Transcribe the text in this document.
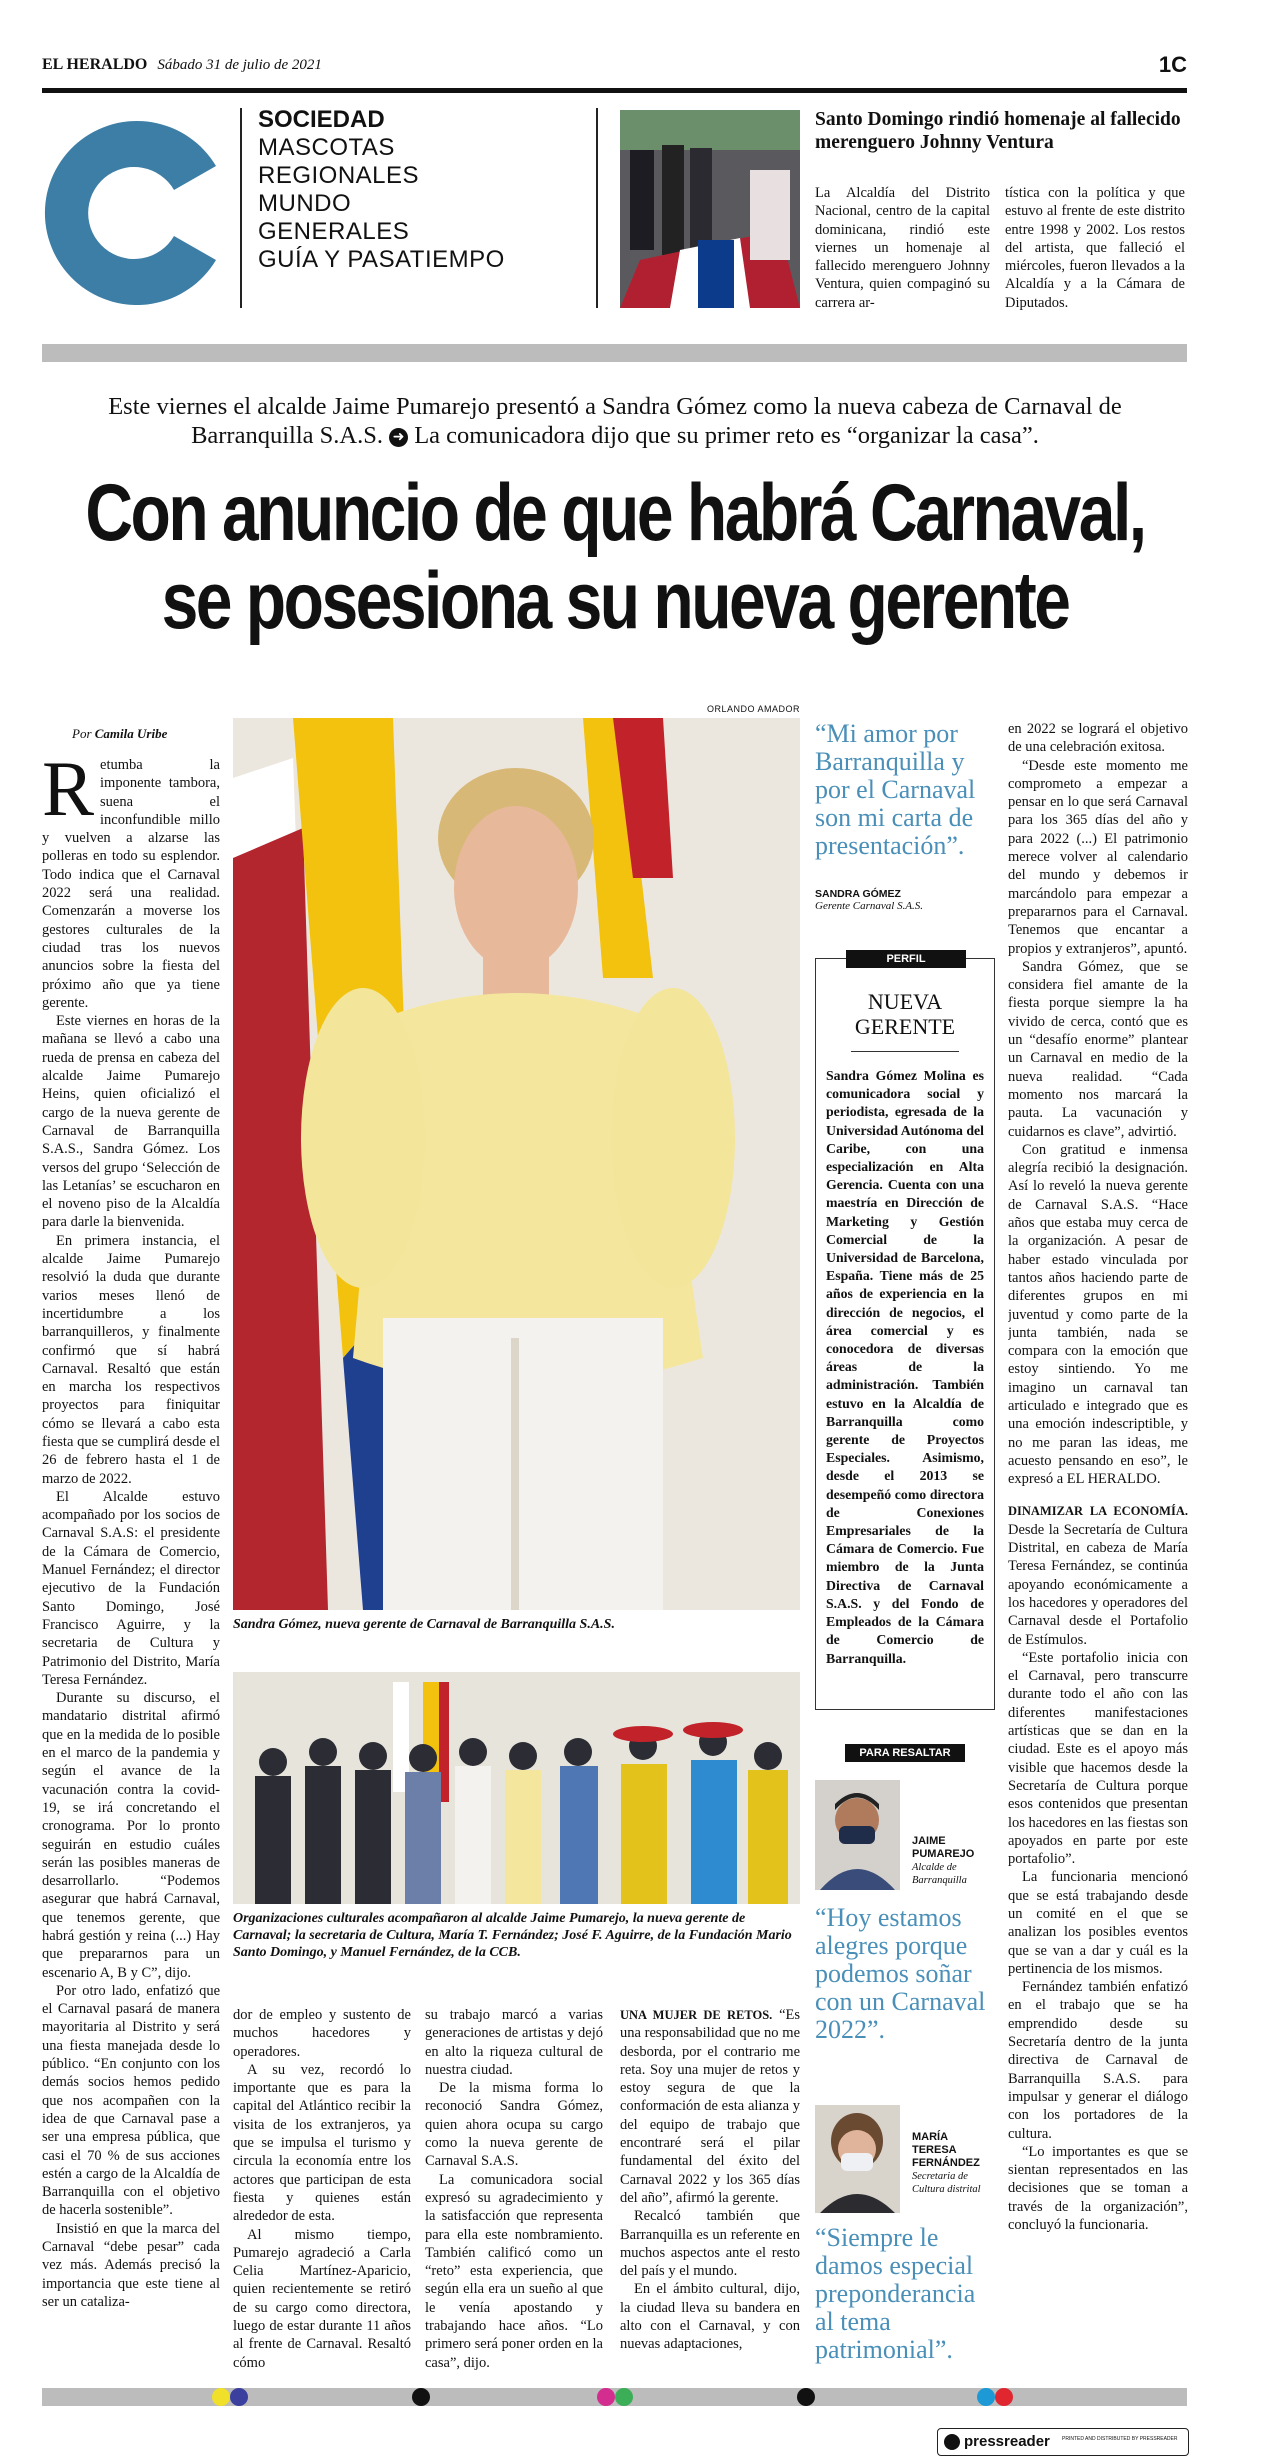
EL HERALDO Sábado 31 de julio de 2021	1C
SOCIEDAD
MASCOTAS
REGIONALES
MUNDO
GENERALES
GUÍA Y PASATIEMPO
Santo Domingo rindió homenaje al fallecido merenguero Johnny Ventura
La Alcaldía del Distrito Nacional, centro de la capital dominicana, rindió este viernes un homenaje al fallecido merenguero Johnny Ventura, quien compaginó su carrera ar-
tística con la política y que estuvo al frente de este distrito entre 1998 y 2002. Los restos del artista, que falleció el miércoles, fueron llevados a la Alcaldía y a la Cámara de Diputados.
Este viernes el alcalde Jaime Pumarejo presentó a Sandra Gómez como la nueva cabeza de Carnaval de Barranquilla S.A.S. ➜ La comunicadora dijo que su primer reto es “organizar la casa”.
Con anuncio de que habrá Carnaval,
se posesiona su nueva gerente
ORLANDO AMADOR
Por Camila Uribe

Retumba la imponente tambora, suena el inconfundible millo y vuelven a alzarse las polleras en todo su esplendor. Todo indica que el Carnaval 2022 será una realidad. Comenzarán a moverse los gestores culturales de la ciudad tras los nuevos anuncios sobre la fiesta del próximo año que ya tiene gerente.

Este viernes en horas de la mañana se llevó a cabo una rueda de prensa en cabeza del alcalde Jaime Pumarejo Heins, quien oficializó el cargo de la nueva gerente de Carnaval de Barranquilla S.A.S., Sandra Gómez. Los versos del grupo ‘Selección de las Letanías’ se escucharon en el noveno piso de la Alcaldía para darle la bienvenida.

En primera instancia, el alcalde Jaime Pumarejo resolvió la duda que durante varios meses llenó de incertidumbre a los barranquilleros, y finalmente confirmó que sí habrá Carnaval. Resaltó que están en marcha los respectivos proyectos para finiquitar cómo se llevará a cabo esta fiesta que se cumplirá desde el 26 de febrero hasta el 1 de marzo de 2022.

El Alcalde estuvo acompañado por los socios de Carnaval S.A.S: el presidente de la Cámara de Comercio, Manuel Fernández; el director ejecutivo de la Fundación Santo Domingo, José Francisco Aguirre, y la secretaria de Cultura y Patrimonio del Distrito, María Teresa Fernández.

Durante su discurso, el mandatario distrital afirmó que en la medida de lo posible en el marco de la pandemia y según el avance de la vacunación contra la covid-19, se irá concretando el cronograma. Por lo pronto seguirán en estudio cuáles serán las posibles maneras de desarrollarlo. “Podemos asegurar que habrá Carnaval, que tenemos gerente, que habrá gestión y reina (...) Hay que prepararnos para un escenario A, B y C”, dijo.

Por otro lado, enfatizó que el Carnaval pasará de manera mayoritaria al Distrito y será una fiesta manejada desde lo público. “En conjunto con los demás socios hemos pedido que nos acompañen con la idea de que Carnaval pase a ser una empresa pública, que casi el 70 % de sus acciones estén a cargo de la Alcaldía de Barranquilla con el objetivo de hacerla sostenible”.

Insistió en que la marca del Carnaval “debe pesar” cada vez más. Además precisó la importancia que este tiene al ser un cataliza-

Sandra Gómez, nueva gerente de Carnaval de Barranquilla S.A.S.
Organizaciones culturales acompañaron al alcalde Jaime Pumarejo, la nueva gerente de Carnaval; la secretaria de Cultura, María T. Fernández; José F. Aguirre, de la Fundación Mario Santo Domingo, y Manuel Fernández, de la CCB.

dor de empleo y sustento de muchos hacedores y operadores.

A su vez, recordó lo importante que es para la capital del Atlántico recibir la visita de los extranjeros, ya que se impulsa el turismo y circula la economía entre los actores que participan de esta fiesta y quienes están alrededor de esta.

Al mismo tiempo, Pumarejo agradeció a Carla Celia Martínez-Aparicio, quien recientemente se retiró de su cargo como directora, luego de estar durante 11 años al frente de Carnaval. Resaltó cómo

su trabajo marcó a varias generaciones de artistas y dejó en alto la riqueza cultural de nuestra ciudad.

De la misma forma lo reconoció Sandra Gómez, quien ahora ocupa su cargo como la nueva gerente de Carnaval S.A.S.

La comunicadora social expresó su agradecimiento y la satisfacción que representa para ella este nombramiento. También calificó como un “reto” esta experiencia, que según ella era un sueño al que le venía apostando y trabajando hace años. “Lo primero será poner orden en la casa”, dijo.

UNA MUJER DE RETOS. “Es una responsabilidad que no me desborda, por el contrario me reta. Soy una mujer de retos y estoy segura de que la conformación de esta alianza y del equipo de trabajo que encontraré será el pilar fundamental del éxito del Carnaval 2022 y los 365 días del año”, afirmó la gerente.

Recalcó también que Barranquilla es un referente en muchos aspectos ante el resto del país y el mundo.

En el ámbito cultural, dijo, la ciudad lleva su bandera en alto con el Carnaval, y con nuevas adaptaciones,

“Mi amor por Barranquilla y por el Carnaval son mi carta de presentación”.
SANDRA GÓMEZ
Gerente Carnaval S.A.S.
PERFIL
NUEVA
GERENTE
Sandra Gómez Molina es comunicadora social y periodista, egresada de la Universidad Autónoma del Caribe, con una especialización en Alta Gerencia. Cuenta con una maestría en Dirección de Marketing y Gestión Comercial de la Universidad de Barcelona, España. Tiene más de 25 años de experiencia en la dirección de negocios, el área comercial y es conocedora de diversas áreas de la administración. También estuvo en la Alcaldía de Barranquilla como gerente de Proyectos Especiales. Asimismo, desde el 2013 se desempeñó como directora de Conexiones Empresariales de la Cámara de Comercio. Fue miembro de la Junta Directiva de Carnaval S.A.S. y del Fondo de Empleados de la Cámara de Comercio de Barranquilla.
PARA RESALTAR
JAIME
PUMAREJO
Alcalde de Barranquilla
“Hoy estamos alegres porque podemos soñar con un Carnaval 2022”.
MARÍA
TERESA
FERNÁNDEZ
Secretaria de Cultura distrital
“Siempre le damos especial preponderancia al tema patrimonial”.

en 2022 se logrará el objetivo de una celebración exitosa.

“Desde este momento me comprometo a empezar a pensar en lo que será Carnaval para los 365 días del año y para 2022 (...) El patrimonio merece volver al calendario del mundo y debemos ir marcándolo para empezar a prepararnos para el Carnaval. Tenemos que encantar a propios y extranjeros”, apuntó.

Sandra Gómez, que se considera fiel amante de la fiesta porque siempre la ha vivido de cerca, contó que es un “desafío enorme” plantear un Carnaval en medio de la nueva realidad. “Cada momento nos marcará la pauta. La vacunación y cuidarnos es clave”, advirtió.

Con gratitud e inmensa alegría recibió la designación. Así lo reveló la nueva gerente de Carnaval S.A.S. “Hace años que estaba muy cerca de la organización. A pesar de haber estado vinculada por tantos años haciendo parte de diferentes grupos en mi juventud y como parte de la junta también, nada se compara con la emoción que estoy sintiendo. Yo me imagino un carnaval tan articulado e integrado que es una emoción indescriptible, y no me paran las ideas, me acuesto pensando en eso”, le expresó a EL HERALDO.

DINAMIZAR LA ECONOMÍA. Desde la Secretaría de Cultura Distrital, en cabeza de María Teresa Fernández, se continúa apoyando económicamente a los hacedores y operadores del Carnaval desde el Portafolio de Estímulos.

“Este portafolio inicia con el Carnaval, pero transcurre durante todo el año con las diferentes manifestaciones artísticas que se dan en la ciudad. Este es el apoyo más visible que hacemos desde la Secretaría de Cultura porque esos contenidos que presentan los hacedores en las fiestas son apoyados en parte por este portafolio”.

La funcionaria mencionó que se está trabajando desde un comité en el que se analizan los posibles eventos que se van a dar y cuál es la pertinencia de los mismos.

Fernández también enfatizó en el trabajo que se ha emprendido desde su Secretaría dentro de la junta directiva de Carnaval de Barranquilla S.A.S. para impulsar y generar el diálogo con los portadores de la cultura.

“Lo importantes es que se sientan representados en las decisiones que se toman a través de la organización”, concluyó la funcionaria.

pressreader PRINTED AND DISTRIBUTED BY PRESSREADER
